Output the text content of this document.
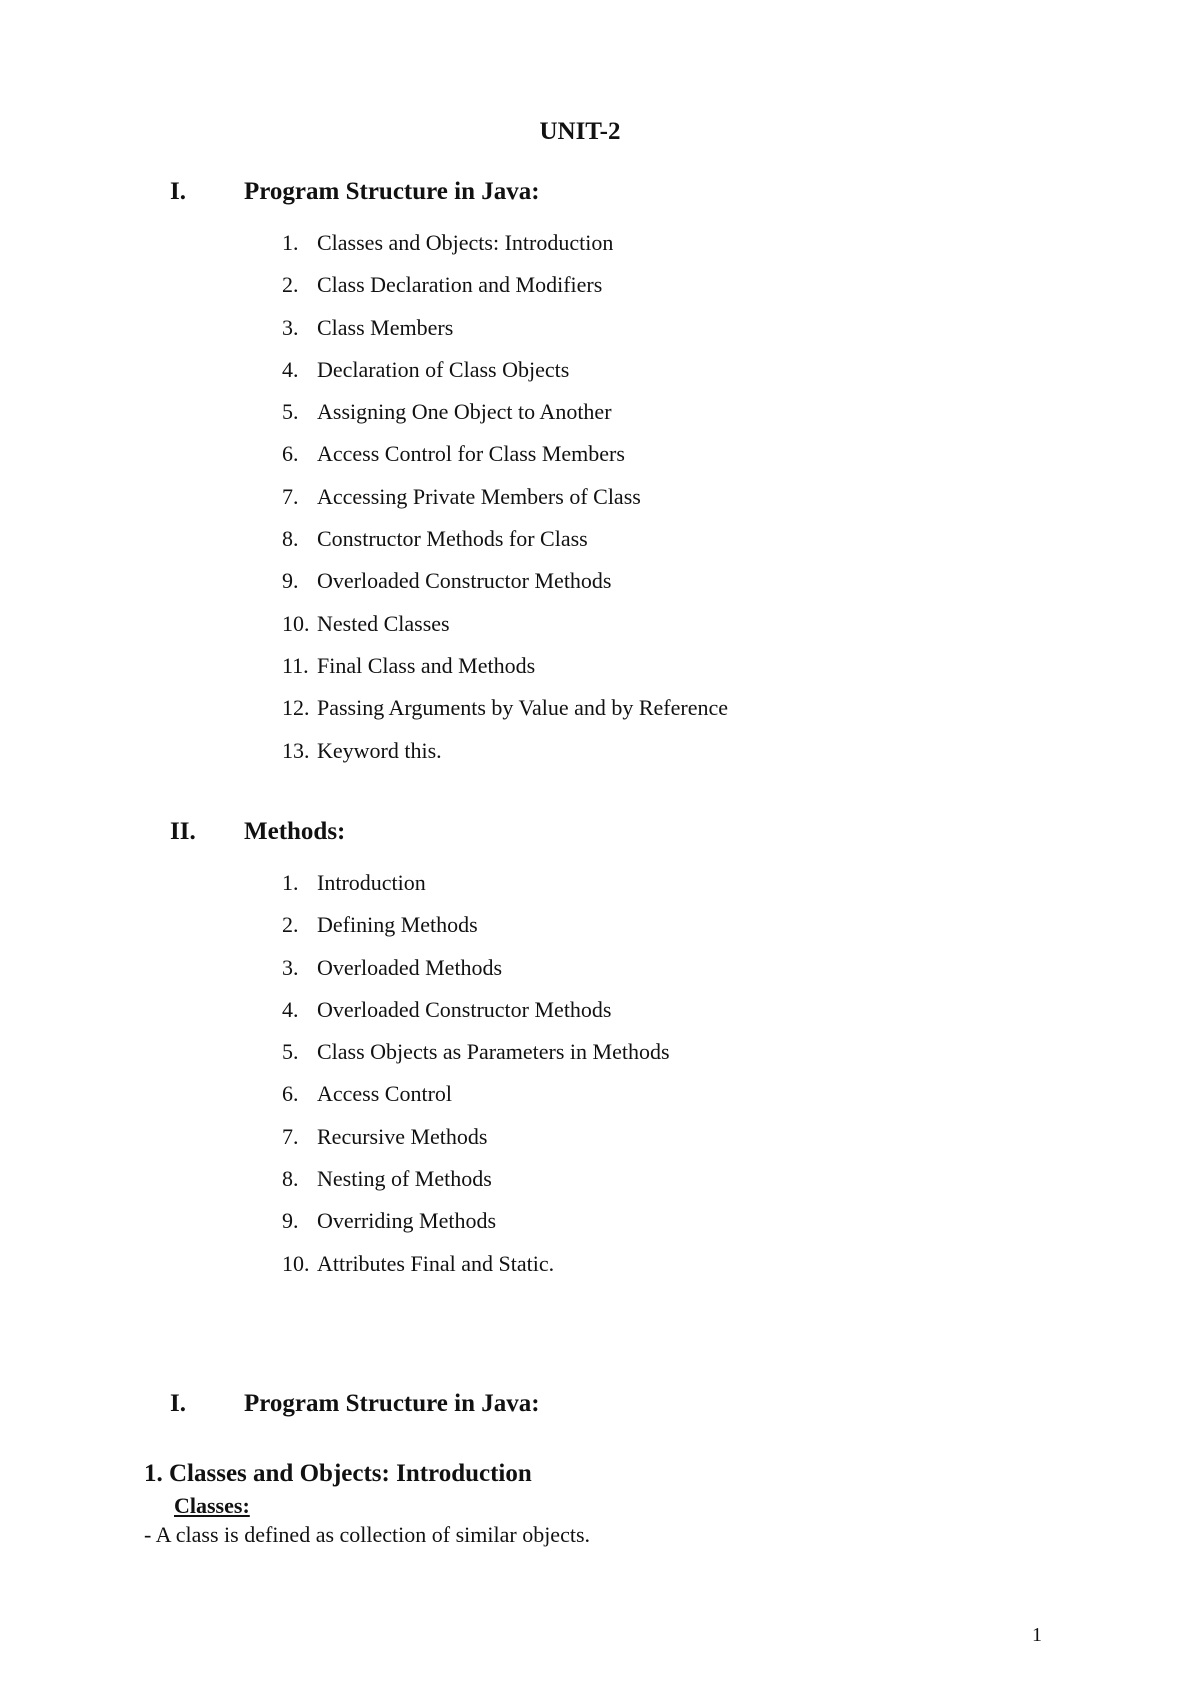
UNIT-2
I. Program Structure in Java:
1. Classes and Objects: Introduction
2. Class Declaration and Modifiers
3. Class Members
4. Declaration of Class Objects
5. Assigning One Object to Another
6. Access Control for Class Members
7. Accessing Private Members of Class
8. Constructor Methods for Class
9. Overloaded Constructor Methods
10. Nested Classes
11. Final Class and Methods
12. Passing Arguments by Value and by Reference
13. Keyword this.
II. Methods:
1. Introduction
2. Defining Methods
3. Overloaded Methods
4. Overloaded Constructor Methods
5. Class Objects as Parameters in Methods
6. Access Control
7. Recursive Methods
8. Nesting of Methods
9. Overriding Methods
10. Attributes Final and Static.
I. Program Structure in Java:
1. Classes and Objects: Introduction
Classes:
- A class is defined as collection of similar objects.
1
